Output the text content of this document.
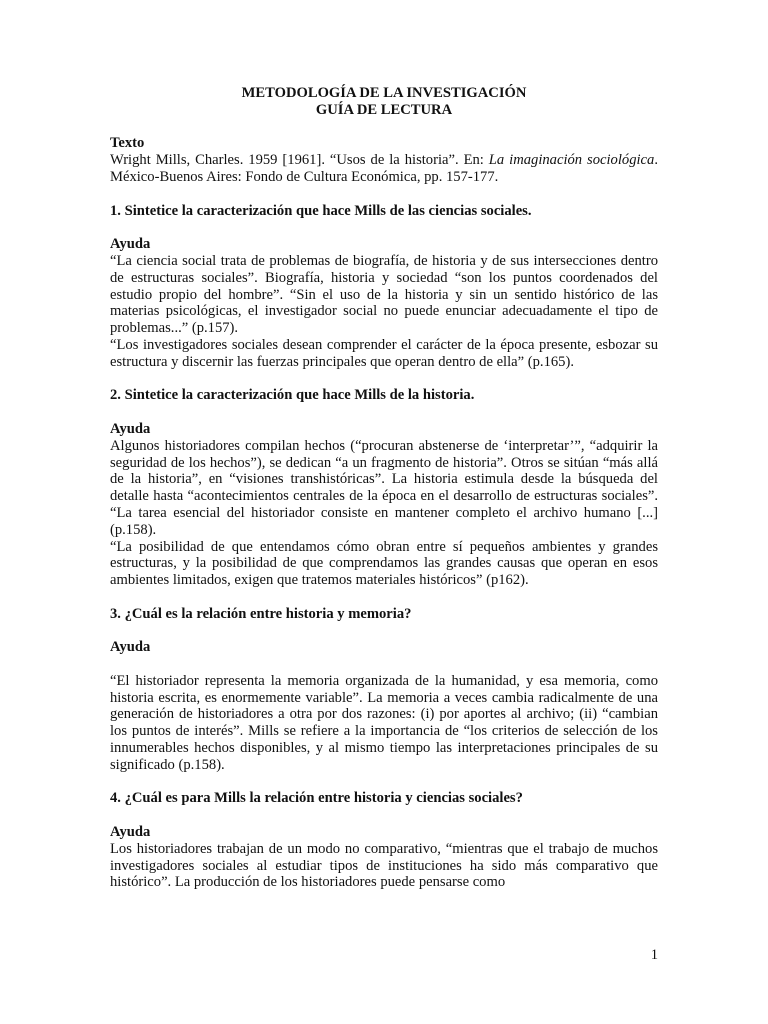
METODOLOGÍA DE LA INVESTIGACIÓN

GUÍA DE LECTURA

Texto

Wright Mills, Charles. 1959 [1961]. “Usos de la historia”. En: La imaginación sociológica. México-Buenos Aires: Fondo de Cultura Económica, pp. 157-177.

1. Sintetice la caracterización que hace Mills de las ciencias sociales.

Ayuda

“La ciencia social trata de problemas de biografía, de historia y de sus intersecciones dentro de estructuras sociales”. Biografía, historia y sociedad “son los puntos coordenados del estudio propio del hombre”. “Sin el uso de la historia y sin un sentido histórico de las materias psicológicas, el investigador social no puede enunciar adecuadamente el tipo de problemas...” (p.157).

“Los investigadores sociales desean comprender el carácter de la época presente, esbozar su estructura y discernir las fuerzas principales que operan dentro de ella” (p.165).

2. Sintetice la caracterización que hace Mills de la historia.

Ayuda

Algunos historiadores compilan hechos (“procuran abstenerse de ‘interpretar’”, “adquirir la seguridad de los hechos”), se dedican “a un fragmento de historia”. Otros se sitúan “más allá de la historia”, en “visiones transhistóricas”. La historia estimula desde la búsqueda del detalle hasta “acontecimientos centrales de la época en el desarrollo de estructuras sociales”. “La tarea esencial del historiador consiste en mantener completo el archivo humano [...] (p.158).

“La posibilidad de que entendamos cómo obran entre sí pequeños ambientes y grandes estructuras, y la posibilidad de que comprendamos las grandes causas que operan en esos ambientes limitados, exigen que tratemos materiales históricos” (p162).

3. ¿Cuál es la relación entre historia y memoria?

Ayuda

“El historiador representa la memoria organizada de la humanidad, y esa memoria, como historia escrita, es enormemente variable”. La memoria a veces cambia radicalmente de una generación de historiadores a otra por dos razones: (i) por aportes al archivo; (ii) “cambian los puntos de interés”. Mills se refiere a la importancia de “los criterios de selección de los innumerables hechos disponibles, y al mismo tiempo las interpretaciones principales de su significado (p.158).

4. ¿Cuál es para Mills la relación entre historia y ciencias sociales?

Ayuda

Los historiadores trabajan de un modo no comparativo, “mientras que el trabajo de muchos investigadores sociales al estudiar tipos de instituciones ha sido más comparativo que histórico”. La producción de los historiadores puede pensarse como

1
